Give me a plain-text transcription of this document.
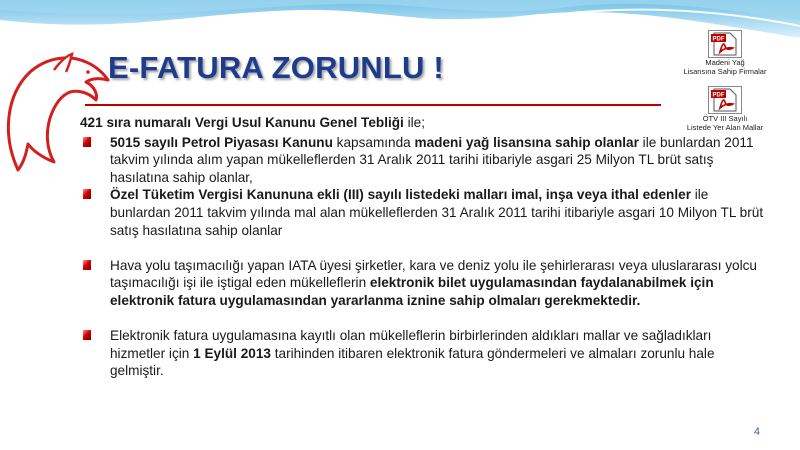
E-FATURA ZORUNLU !
PDF
Madeni Yağ
Lisansına Sahip Firmalar
PDF
ÖTV III Sayılı
Listede Yer Alan Mallar

421 sıra numaralı Vergi Usul Kanunu Genel Tebliği ile;

5015 sayılı Petrol Piyasası Kanunu kapsamında madeni yağ lisansına sahip olanlar ile bunlardan 2011 takvim yılında alım yapan mükelleflerden 31 Aralık 2011 tarihi itibariyle asgari 25 Milyon TL brüt satış hasılatına sahip olanlar,

Özel Tüketim Vergisi Kanununa ekli (III) sayılı listedeki malları imal, inşa veya ithal edenler ile bunlardan 2011 takvim yılında mal alan mükelleflerden 31 Aralık 2011 tarihi itibariyle asgari 10 Milyon TL brüt satış hasılatına sahip olanlar

Hava yolu taşımacılığı yapan IATA üyesi şirketler, kara ve deniz yolu ile şehirlerarası veya uluslararası yolcu taşımacılığı işi ile iştigal eden mükelleflerin elektronik bilet uygulamasından faydalanabilmek için elektronik fatura uygulamasından yararlanma iznine sahip olmaları gerekmektedir.

Elektronik fatura uygulamasına kayıtlı olan mükelleflerin birbirlerinden aldıkları mallar ve sağladıkları hizmetler için 1 Eylül 2013 tarihinden itibaren elektronik fatura göndermeleri ve almaları zorunlu hale gelmiştir.

4
